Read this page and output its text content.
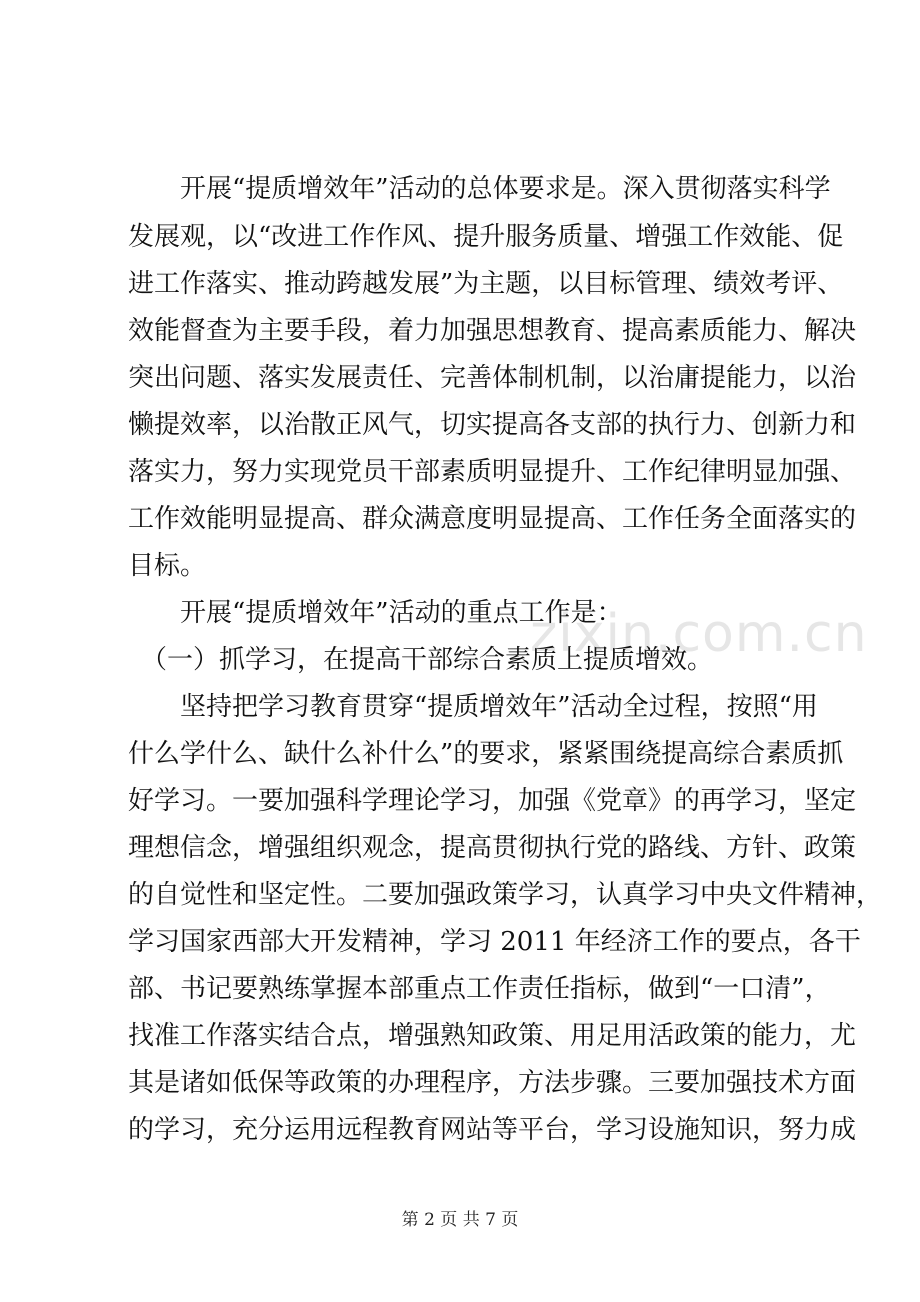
zixin.com.cn
　　开展“提质增效年”活动的总体要求是。深入贯彻落实科学
发展观，以“改进工作作风、提升服务质量、增强工作效能、促
进工作落实、推动跨越发展”为主题，以目标管理、绩效考评、
效能督查为主要手段，着力加强思想教育、提高素质能力、解决
突出问题、落实发展责任、完善体制机制，以治庸提能力，以治
懒提效率，以治散正风气，切实提高各支部的执行力、创新力和
落实力，努力实现党员干部素质明显提升、工作纪律明显加强、
工作效能明显提高、群众满意度明显提高、工作任务全面落实的
目标。
　　开展“提质增效年”活动的重点工作是：
　（一）抓学习，在提高干部综合素质上提质增效。
　　坚持把学习教育贯穿“提质增效年”活动全过程，按照“用
什么学什么、缺什么补什么”的要求，紧紧围绕提高综合素质抓
好学习。一要加强科学理论学习，加强《党章》的再学习，坚定
理想信念，增强组织观念，提高贯彻执行党的路线、方针、政策
的自觉性和坚定性。二要加强政策学习，认真学习中央文件精神，
学习国家西部大开发精神，学习 2011 年经济工作的要点，各干
部、书记要熟练掌握本部重点工作责任指标，做到“一口清”，
找准工作落实结合点，增强熟知政策、用足用活政策的能力，尤
其是诸如低保等政策的办理程序，方法步骤。三要加强技术方面
的学习，充分运用远程教育网站等平台，学习设施知识，努力成
第 2 页 共 7 页
